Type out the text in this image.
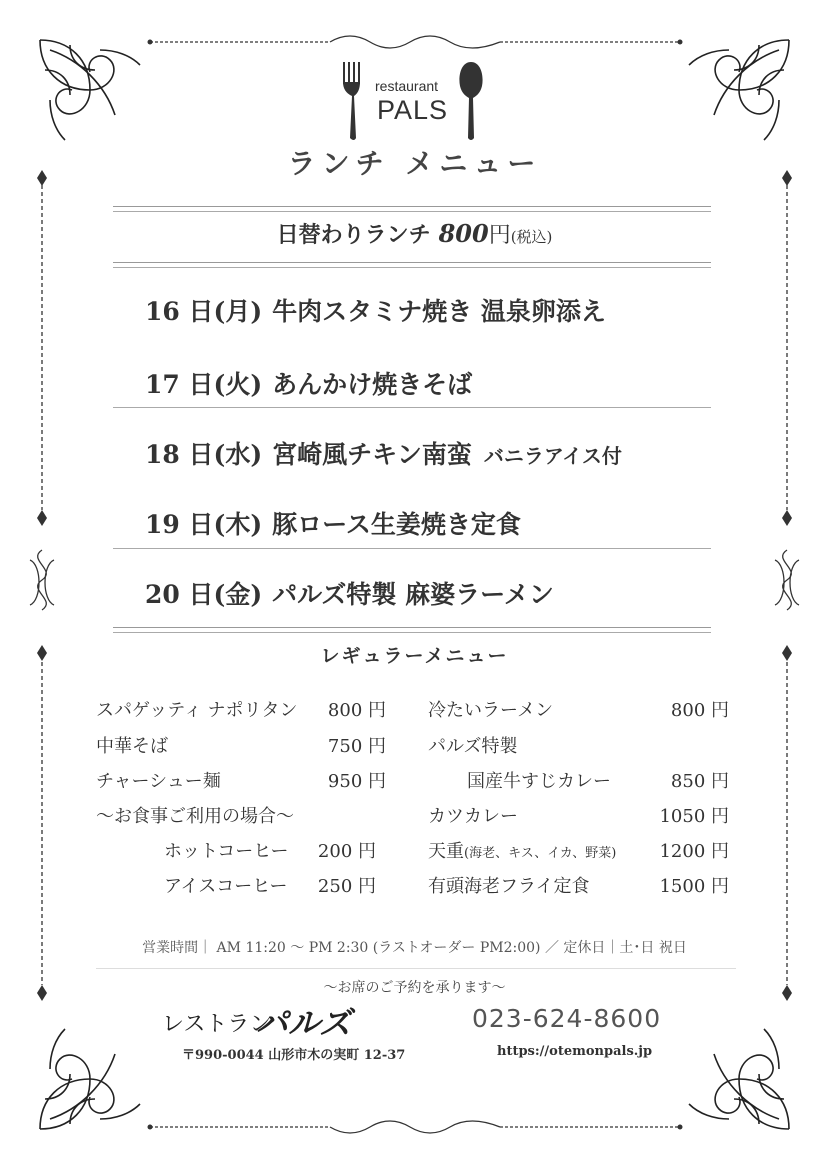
restaurant
PALS
ランチ メニュー
日替わりランチ 800円(税込)
16 日(月) 牛肉スタミナ焼き 温泉卵添え
17 日(火) あんかけ焼きそば
18 日(水) 宮崎風チキン南蛮 バニラアイス付
19 日(木) 豚ロース生姜焼き定食
20 日(金) パルズ特製 麻婆ラーメン
レギュラーメニュー
スパゲッティ ナポリタン	800 円
中華そば	750 円
チャーシュー麺	950 円
〜お食事ご利用の場合〜
ホットコーヒー	200 円
アイスコーヒー	250 円
冷たいラーメン	800 円
パルズ特製
国産牛すじカレー	850 円
カツカレー	1050 円
天重(海老、キス、イカ、野菜)	1200 円
有頭海老フライ定食	1500 円
営業時間｜ AM 11:20 〜 PM 2:30 (ラストオーダー PM2:00) ／ 定休日｜土･日 祝日
〜お席のご予約を承ります〜
レストラン
パルズ	023-624-8600
〒990-0044 山形市木の実町 12-37	https://otemonpals.jp
